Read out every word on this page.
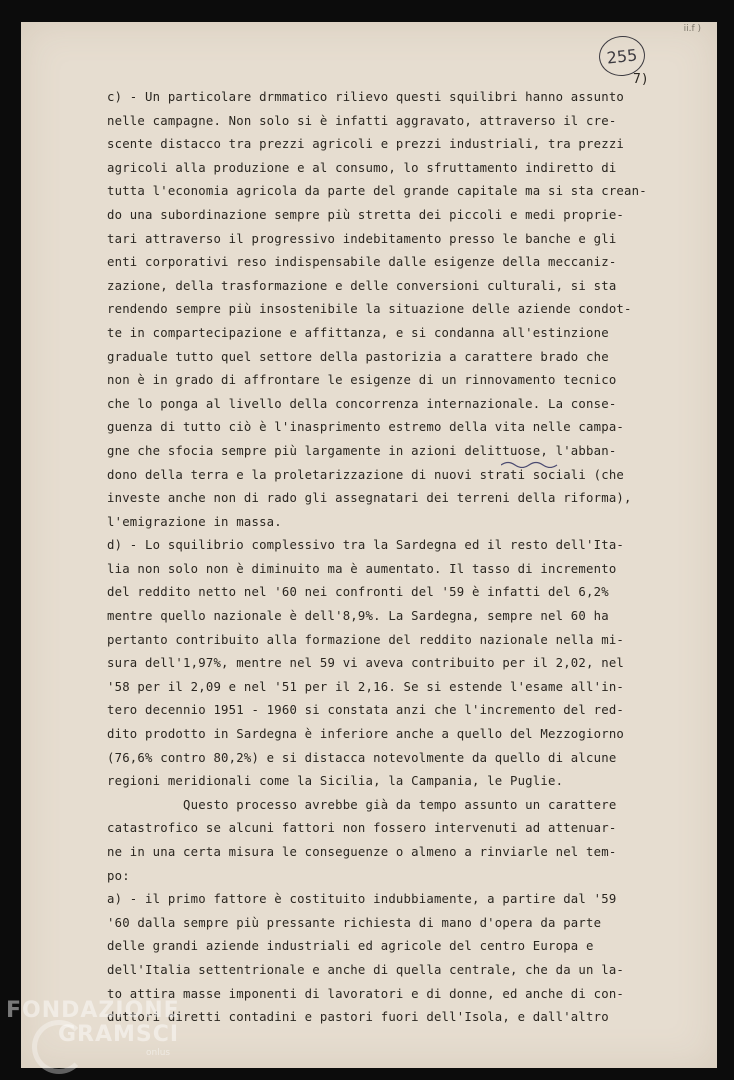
ii.f )
255
7)
c) - Un particolare drmmatico rilievo questi squilibri hanno assunto
nelle campagne. Non solo si è infatti aggravato, attraverso il cre-
scente distacco tra prezzi agricoli e prezzi industriali, tra prezzi
agricoli alla produzione e al consumo, lo sfruttamento indiretto di
tutta l'economia agricola da parte del grande capitale ma si sta crean-
do una subordinazione sempre più stretta dei piccoli e medi proprie-
tari attraverso il progressivo indebitamento presso le banche e gli
enti corporativi reso indispensabile dalle esigenze della meccaniz-
zazione, della trasformazione e delle conversioni culturali, si sta
rendendo sempre più insostenibile la situazione delle aziende condot-
te in compartecipazione e affittanza, e si condanna all'estinzione
graduale tutto quel settore della pastorizia a carattere brado che
non è in grado di affrontare le esigenze di un rinnovamento tecnico
che lo ponga al livello della concorrenza internazionale. La conse-
guenza di tutto ciò è l'inasprimento estremo della vita nelle campa-
gne che sfocia sempre più largamente in azioni delittuose, l'abban-
dono della terra e la proletarizzazione di nuovi strati sociali (che
investe anche non di rado gli assegnatari dei terreni della riforma),
l'emigrazione in massa.
d) - Lo squilibrio complessivo tra la Sardegna ed il resto dell'Ita-
lia non solo non è diminuito ma è aumentato. Il tasso di incremento
del reddito netto nel '60 nei confronti del '59 è infatti del 6,2%
mentre quello nazionale è dell'8,9%. La Sardegna, sempre nel 60 ha
pertanto contribuito alla formazione del reddito nazionale nella mi-
sura dell'1,97%, mentre nel 59 vi aveva contribuito per il 2,02, nel
'58 per il 2,09 e nel '51 per il 2,16. Se si estende l'esame all'in-
tero decennio 1951 - 1960 si constata anzi che l'incremento del red-
dito prodotto in Sardegna è inferiore anche a quello del Mezzogiorno
(76,6% contro 80,2%) e si distacca notevolmente da quello di alcune
regioni meridionali come la Sicilia, la Campania, le Puglie.
Questo processo avrebbe già da tempo assunto un carattere
catastrofico se alcuni fattori non fossero intervenuti ad attenuar-
ne in una certa misura le conseguenze o almeno a rinviarle nel tem-
po:
a) - il primo fattore è costituito indubbiamente, a partire dal '59
'60 dalla sempre più pressante richiesta di mano d'opera da parte
delle grandi aziende industriali ed agricole del centro Europa e
dell'Italia settentrionale e anche di quella centrale, che da un la-
to attira masse imponenti di lavoratori e di donne, ed anche di con-
duttori diretti contadini e pastori fuori dell'Isola, e dall'altro
FONDAZIONE
GRAMSCI
onlus
